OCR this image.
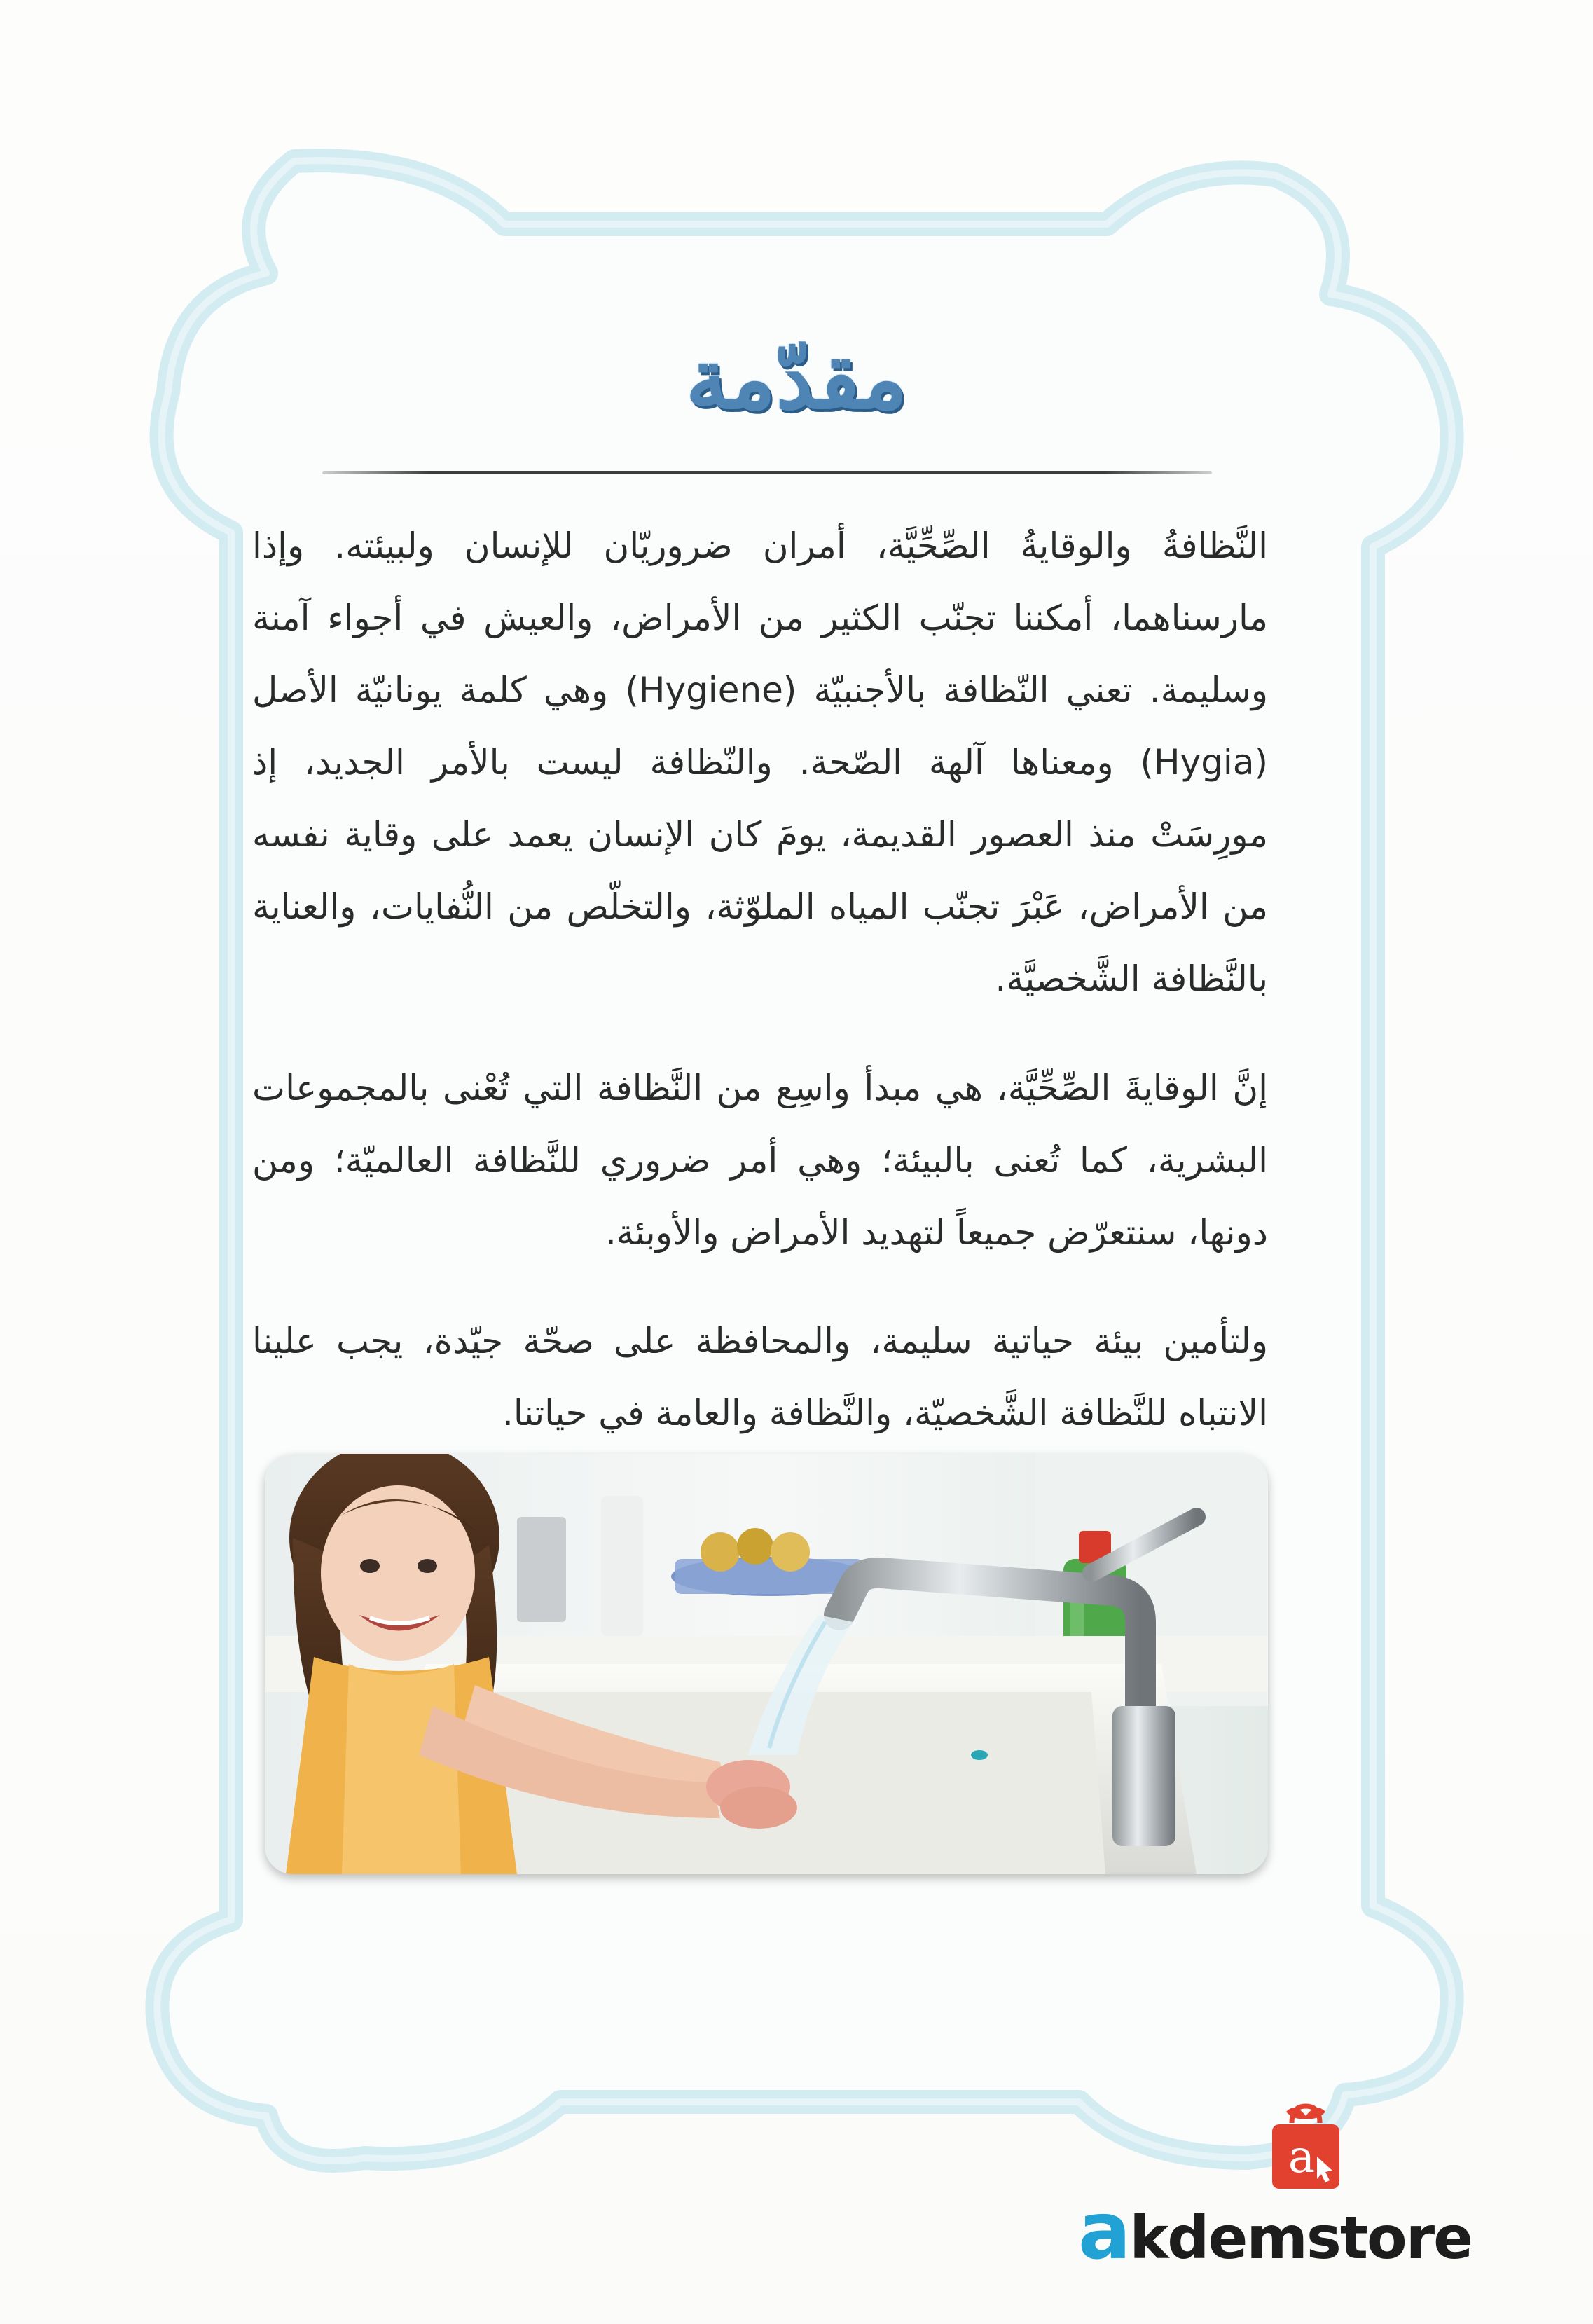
مقدّمة

النَّظافةُ والوقايةُ الصِّحِّيَّة، أمران ضروريّان للإنسان ولبيئته. وإذا مارسناهما، أمكننا تجنّب الكثير من الأمراض، والعيش في أجواء آمنة وسليمة. تعني النّظافة بالأجنبيّة (Hygiene) وهي كلمة يونانيّة الأصل (Hygia) ومعناها آلهة الصّحة. والنّظافة ليست بالأمر الجديد، إذ مورِسَتْ منذ العصور القديمة، يومَ كان الإنسان يعمد على وقاية نفسه من الأمراض، عَبْرَ تجنّب المياه الملوّثة، والتخلّص من النُّفايات، والعناية بالنَّظافة الشَّخصيَّة.

إنَّ الوقايةَ الصِّحِّيَّة، هي مبدأ واسِع من النَّظافة التي تُعْنى بالمجموعات البشرية، كما تُعنى بالبيئة؛ وهي أمر ضروري للنَّظافة العالميّة؛ ومن دونها، سنتعرّض جميعاً لتهديد الأمراض والأوبئة.

ولتأمين بيئة حياتية سليمة، والمحافظة على صحّة جيّدة، يجب علينا الانتباه للنَّظافة الشَّخصيّة، والنَّظافة والعامة في حياتنا.

a
akdemstore
